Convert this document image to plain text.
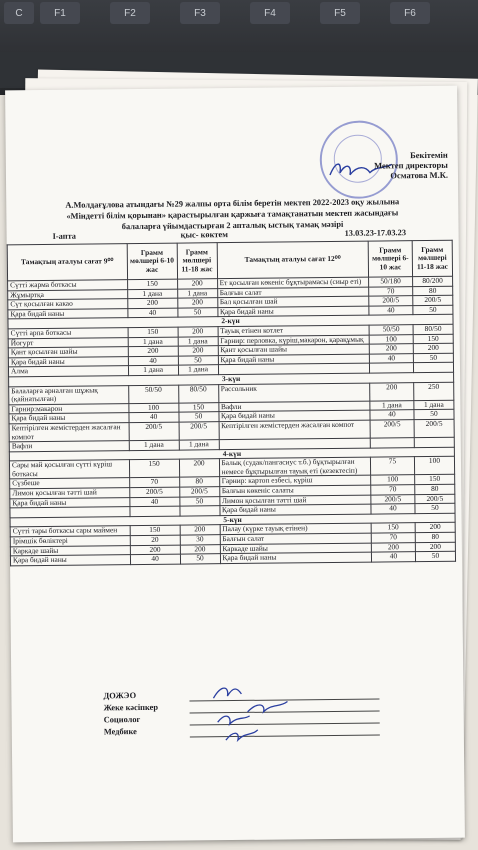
C	F1	F2	F3	F4	F5	F6
Бекітемін
Мектеп директоры
Осматова М.К.
А.Молдағұлова атындағы №29 жалпы орта білім беретін мектеп 2022-2023 оқу жылына
«Міндетті білім қорынан» қарастырылған қаржыға тамақтанатын мектеп жасындағы
балаларға үйымдастырған 2 апталық ыстық тамақ мәзірі
I-апта	қыс- көктем	13.03.23-17.03.23
Тамақтың аталуы сағат 9⁰⁰	Грамм мөлшері 6-10 жас	Грамм мөлшері 11-18 жас	Тамақтың аталуы сағат 12⁰⁰	Грамм мөлшері 6-10 жас	Грамм мөлшері 11-18 жас
Сүтті жарма боткасы	150	200	Ет қосылған көкеніс бұқтырамасы (сиыр еті)	50/180	80/200
Жұмыртқа	1 дана	1 дана	Балғын салат	70	80
Сүт қосылған какао	200	200	Бал қосылған шай	200/5	200/5
Қара бидай наны	40	50	Қара бидай наны	40	50
2-күн					
Сүтті арпа боткасы	150	200	Тауық етінен котлет	50/50	80/50
Йогурт	1 дана	1 дана	Гарнир: перловка, күріш,макарон, қарақұмық	100	150
Қант қосылған шайы	200	200	Қант қосылған шайы	200	200
Қара бидай наны	40	50	Қара бидай наны	40	50
Алма	1 дана	1 дана			
3-күн					
Балаларға арналған шұжық (қайнатылған)	50/50	80/50	Рассольник	200	250
Гарнир:макарон	100	150	Вафли	1 дана	1 дана
Қара бидай наны	40	50	Қара бидай наны	40	50
Кептірілген жемістерден жасалған компот	200/5	200/5	Кептірілген жемістерден жасалған компот	200/5	200/5
Вафли	1 дана	1 дана			
4-күн					
Сары май қосылған сүтті күріш боткасы	150	200	Балық (судак/пангасиус т.б.) бұқтырылған немесе бұқтырылған тауық еті (кезектесіп)	75	100
Сүзбеше	70	80	Гарнир: картоп езбесі, күріш	100	150
Лимон қосылған тәтті шай	200/5	200/5	Балғын көкеніс салаты	70	80
Қара бидай наны	40	50	Лимон қосылған тәтті шай	200/5	200/5
			Қара бидай наны	40	50
5-күн					
Сүтті тары боткасы сары маймен	150	200	Палау (күрке тауық етінен)	150	200
Ірімшік бөліктері	20	30	Балғын салат	70	80
Каркаде шайы	200	200	Каркаде шайы	200	200
Қара бидай наны	40	50	Қара бидай наны	40	50
ДОЖЭО
Жеке кәсіпкер
Социолог
Медбике
